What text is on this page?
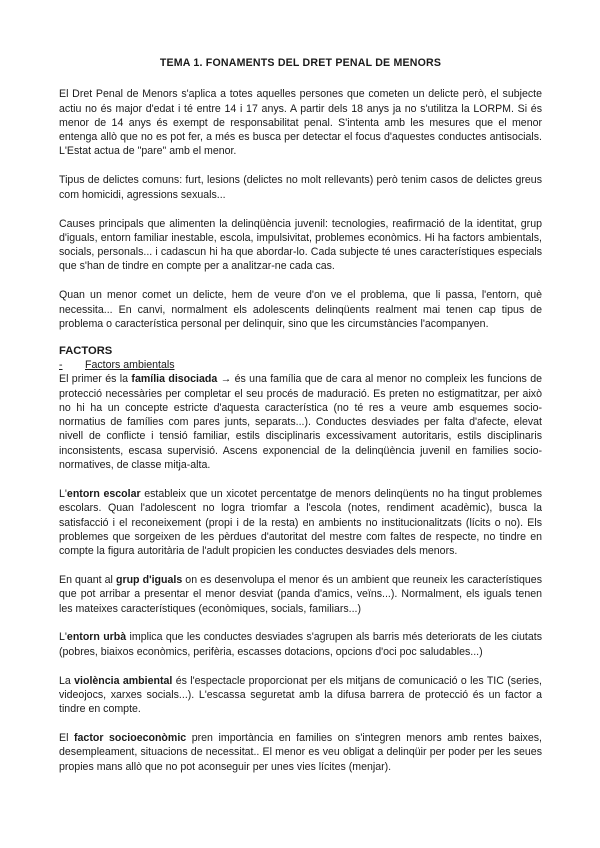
TEMA 1. FONAMENTS DEL DRET PENAL DE MENORS

El Dret Penal de Menors s'aplica a totes aquelles persones que cometen un delicte però, el subjecte actiu no és major d'edat i té entre 14 i 17 anys. A partir dels 18 anys ja no s'utilitza la LORPM. Si és menor de 14 anys és exempt de responsabilitat penal. S'intenta amb les mesures que el menor entenga allò que no es pot fer, a més es busca per detectar el focus d'aquestes conductes antisocials. L'Estat actua de "pare" amb el menor.

Tipus de delictes comuns: furt, lesions (delictes no molt rellevants) però tenim casos de delictes greus com homicidi, agressions sexuals...

Causes principals que alimenten la delinqüència juvenil: tecnologies, reafirmació de la identitat, grup d'iguals, entorn familiar inestable, escola, impulsivitat, problemes econòmics. Hi ha factors ambientals, socials, personals... i cadascun hi ha que abordar-lo. Cada subjecte té unes característiques especials que s'han de tindre en compte per a analitzar-ne cada cas.

Quan un menor comet un delicte, hem de veure d'on ve el problema, que li passa, l'entorn, què necessita... En canvi, normalment els adolescents delinqüents realment mai tenen cap tipus de problema o característica personal per delinquir, sino que les circumstàncies l'acompanyen.

FACTORS
- Factors ambientals

El primer és la família disociada → és una família que de cara al menor no compleix les funcions de protecció necessàries per completar el seu procés de maduració. Es preten no estigmatitzar, per això no hi ha un concepte estricte d'aquesta característica (no té res a veure amb esquemes socio-normatius de famílies com pares junts, separats...). Conductes desviades per falta d'afecte, elevat nivell de conflicte i tensió familiar, estils disciplinaris excessivament autoritaris, estils disciplinaris inconsistents, escasa supervisió. Ascens exponencial de la delinqüència juvenil en families socio-normatives, de classe mitja-alta.

L'entorn escolar estableix que un xicotet percentatge de menors delinqüents no ha tingut problemes escolars. Quan l'adolescent no logra triomfar a l'escola (notes, rendiment acadèmic), busca la satisfacció i el reconeixement (propi i de la resta) en ambients no institucionalitzats (lícits o no). Els problemes que sorgeixen de les pèrdues d'autoritat del mestre com faltes de respecte, no tindre en compte la figura autoritària de l'adult propicien les conductes desviades dels menors.

En quant al grup d'iguals on es desenvolupa el menor és un ambient que reuneix les característiques que pot arribar a presentar el menor desviat (panda d'amics, veïns...). Normalment, els iguals tenen les mateixes característiques (econòmiques, socials, familiars...)

L'entorn urbà implica que les conductes desviades s'agrupen als barris més deteriorats de les ciutats (pobres, biaixos econòmics, perifèria, escasses dotacions, opcions d'oci poc saludables...)

La violència ambiental és l'espectacle proporcionat per els mitjans de comunicació o les TIC (series, videojocs, xarxes socials...). L'escassa seguretat amb la difusa barrera de protecció és un factor a tindre en compte.

El factor socioeconòmic pren importància en families on s'integren menors amb rentes baixes, desempleament, situacions de necessitat.. El menor es veu obligat a delinqüir per poder per les seues propies mans allò que no pot aconseguir per unes vies lícites (menjar).
